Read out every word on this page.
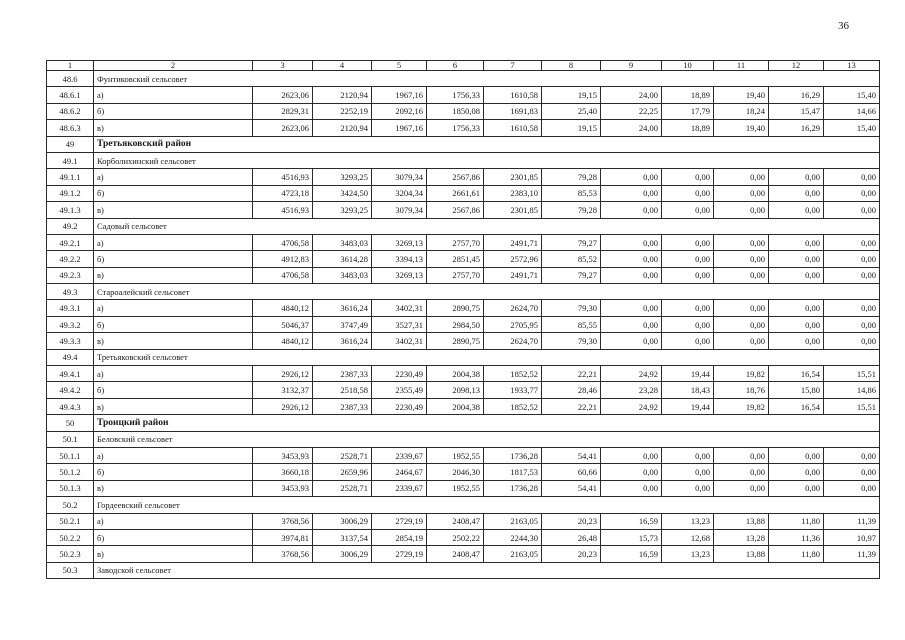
36
1	2	3	4	5	6	7	8	9	10	11	12	13
48.6	Фунтиковский сельсовет											
48.6.1	а)	2623,06	2120,94	1967,16	1756,33	1610,58	19,15	24,00	18,89	19,40	16,29	15,40
48.6.2	б)	2829,31	2252,19	2092,16	1850,08	1691,83	25,40	22,25	17,79	18,24	15,47	14,66
48.6.3	в)	2623,06	2120,94	1967,16	1756,33	1610,58	19,15	24,00	18,89	19,40	16,29	15,40
49	Третьяковский район											
49.1	Корболихинский сельсовет											
49.1.1	а)	4516,93	3293,25	3079,34	2567,86	2301,85	79,28	0,00	0,00	0,00	0,00	0,00
49.1.2	б)	4723,18	3424,50	3204,34	2661,61	2383,10	85,53	0,00	0,00	0,00	0,00	0,00
49.1.3	в)	4516,93	3293,25	3079,34	2567,86	2301,85	79,28	0,00	0,00	0,00	0,00	0,00
49.2	Садовый сельсовет											
49.2.1	а)	4706,58	3483,03	3269,13	2757,70	2491,71	79,27	0,00	0,00	0,00	0,00	0,00
49.2.2	б)	4912,83	3614,28	3394,13	2851,45	2572,96	85,52	0,00	0,00	0,00	0,00	0,00
49.2.3	в)	4706,58	3483,03	3269,13	2757,70	2491,71	79,27	0,00	0,00	0,00	0,00	0,00
49.3	Староалейский сельсовет											
49.3.1	а)	4840,12	3616,24	3402,31	2890,75	2624,70	79,30	0,00	0,00	0,00	0,00	0,00
49.3.2	б)	5046,37	3747,49	3527,31	2984,50	2705,95	85,55	0,00	0,00	0,00	0,00	0,00
49.3.3	в)	4840,12	3616,24	3402,31	2890,75	2624,70	79,30	0,00	0,00	0,00	0,00	0,00
49.4	Третьяковский сельсовет											
49.4.1	а)	2926,12	2387,33	2230,49	2004,38	1852,52	22,21	24,92	19,44	19,82	16,54	15,51
49.4.2	б)	3132,37	2518,58	2355,49	2098,13	1933,77	28,46	23,28	18,43	18,76	15,80	14,86
49.4.3	в)	2926,12	2387,33	2230,49	2004,38	1852,52	22,21	24,92	19,44	19,82	16,54	15,51
50	Троицкий район											
50.1	Беловский сельсовет											
50.1.1	а)	3453,93	2528,71	2339,67	1952,55	1736,28	54,41	0,00	0,00	0,00	0,00	0,00
50.1.2	б)	3660,18	2659,96	2464,67	2046,30	1817,53	60,66	0,00	0,00	0,00	0,00	0,00
50.1.3	в)	3453,93	2528,71	2339,67	1952,55	1736,28	54,41	0,00	0,00	0,00	0,00	0,00
50.2	Гордеевский сельсовет											
50.2.1	а)	3768,56	3006,29	2729,19	2408,47	2163,05	20,23	16,59	13,23	13,88	11,80	11,39
50.2.2	б)	3974,81	3137,54	2854,19	2502,22	2244,30	26,48	15,73	12,68	13,28	11,36	10,97
50.2.3	в)	3768,56	3006,29	2729,19	2408,47	2163,05	20,23	16,59	13,23	13,88	11,80	11,39
50.3	Заводской сельсовет											
